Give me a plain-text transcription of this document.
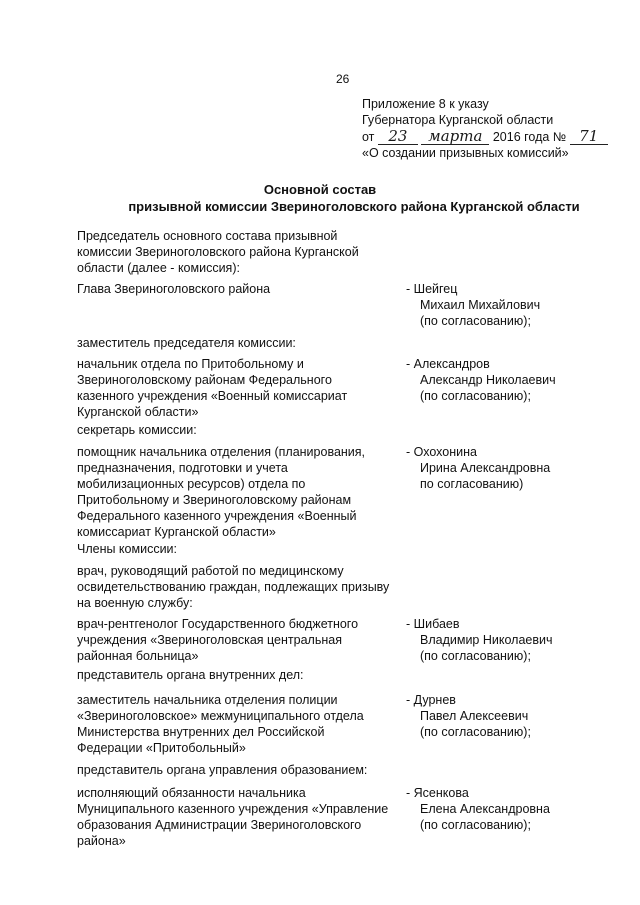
26
Приложение 8 к указу
Губернатора Курганской области
от 23 марта 2016 года № 71
«О создании призывных комиссий»
Основной состав
призывной комиссии Звериноголовского района Курганской области
Председатель основного состава призывной
комиссии Звериноголовского района Курганской
области (далее - комиссия):
Глава Звериноголовского района	- Шейгец
Михаил Михайлович
(по согласованию);
заместитель председателя комиссии:
начальник отдела по Притобольному и
Звериноголовскому районам Федерального
казенного учреждения «Военный комиссариат
Курганской области»
- Александров
Александр Николаевич
(по согласованию);
секретарь комиссии:
помощник начальника отделения (планирования,
предназначения, подготовки и учета
мобилизационных ресурсов) отдела по
Притобольному и Звериноголовскому районам
Федерального казенного учреждения «Военный
комиссариат Курганской области»
- Охохонина
Ирина Александровна
по согласованию)
Члены комиссии:
врач, руководящий работой по медицинскому
освидетельствованию граждан, подлежащих призыву
на военную службу:
врач-рентгенолог Государственного бюджетного
учреждения «Звериноголовская центральная
районная больница»
- Шибаев
Владимир Николаевич
(по согласованию);
представитель органа внутренних дел:
заместитель начальника отделения полиции
«Звериноголовское» межмуниципального отдела
Министерства внутренних дел Российской
Федерации «Притобольный»
- Дурнев
Павел Алексеевич
(по согласованию);
представитель органа управления образованием:
исполняющий обязанности начальника
Муниципального казенного учреждения «Управление
образования Администрации Звериноголовского
района»
- Ясенкова
Елена Александровна
(по согласованию);
